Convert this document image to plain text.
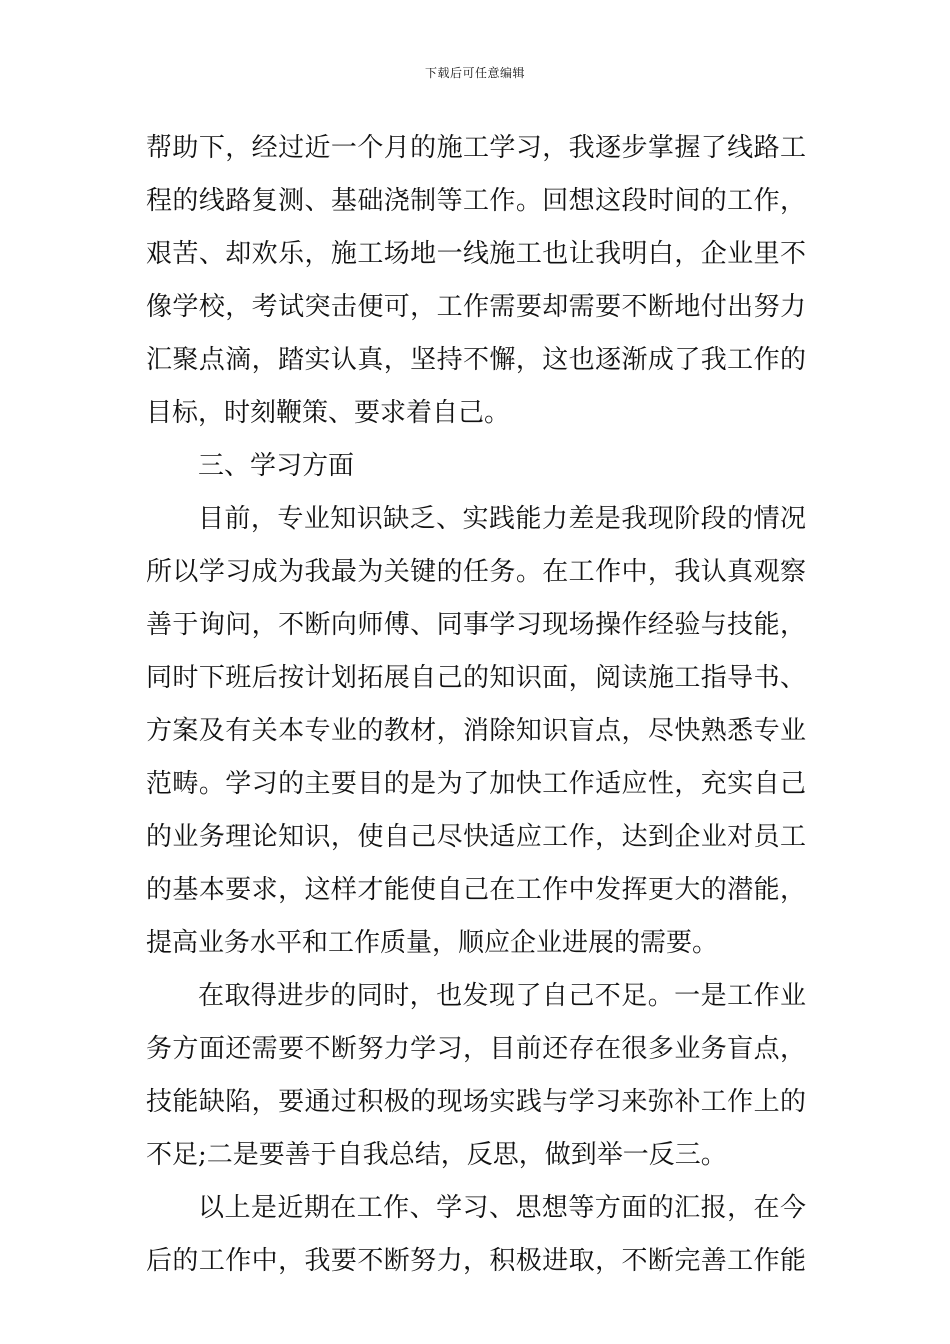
下载后可任意编辑
帮助下，经过近一个月的施工学习，我逐步掌握了线路工
程的线路复测、基础浇制等工作。回想这段时间的工作，
艰苦、却欢乐，施工场地一线施工也让我明白，企业里不
像学校，考试突击便可，工作需要却需要不断地付出努力
汇聚点滴，踏实认真，坚持不懈，这也逐渐成了我工作的
目标，时刻鞭策、要求着自己。
三、学习方面
目前，专业知识缺乏、实践能力差是我现阶段的情况
所以学习成为我最为关键的任务。在工作中，我认真观察
善于询问，不断向师傅、同事学习现场操作经验与技能，
同时下班后按计划拓展自己的知识面，阅读施工指导书、
方案及有关本专业的教材，消除知识盲点，尽快熟悉专业
范畴。学习的主要目的是为了加快工作适应性，充实自己
的业务理论知识，使自己尽快适应工作，达到企业对员工
的基本要求，这样才能使自己在工作中发挥更大的潜能，
提高业务水平和工作质量，顺应企业进展的需要。
在取得进步的同时，也发现了自己不足。一是工作业
务方面还需要不断努力学习，目前还存在很多业务盲点，
技能缺陷，要通过积极的现场实践与学习来弥补工作上的
不足;二是要善于自我总结，反思，做到举一反三。
以上是近期在工作、学习、思想等方面的汇报，在今
后的工作中，我要不断努力，积极进取，不断完善工作能
